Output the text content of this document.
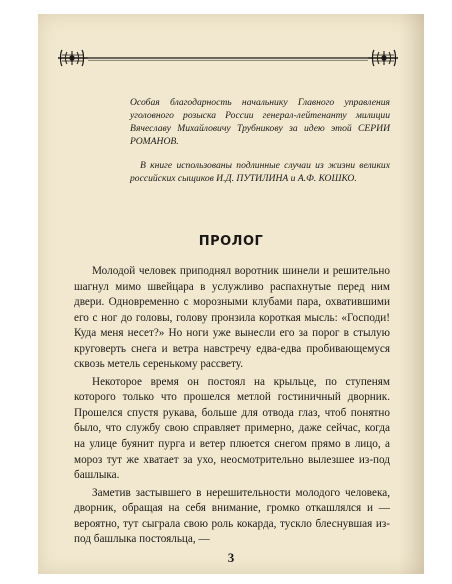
Особая благодарность начальнику Главного управления уголовного розыска России генерал-лейтенанту милиции Вячеславу Михайловичу Трубникову за идею этой СЕРИИ РОМАНОВ.

В книге использованы подлинные случаи из жизни великих российских сыщиков И.Д. ПУТИЛИНА и А.Ф. КОШКО.

ПРОЛОГ

Молодой человек приподнял воротник шинели и решительно шагнул мимо швейцара в услужливо распахнутые перед ним двери. Одновременно с морозными клубами пара, охватившими его с ног до головы, голову пронзила короткая мысль: «Господи! Куда меня несет?» Но ноги уже вынесли его за порог в стылую круговерть снега и ветра навстречу едва-едва пробивающемуся сквозь метель серенькому рассвету.

Некоторое время он постоял на крыльце, по ступеням которого только что прошелся метлой гостиничный дворник. Прошелся спустя рукава, больше для отвода глаз, чтоб понятно было, что службу свою справляет примерно, даже сейчас, когда на улице буянит пурга и ветер плюется снегом прямо в лицо, а мороз тут же хватает за ухо, неосмотрительно вылезшее из-под башлыка.

Заметив застывшего в нерешительности молодого человека, дворник, обращая на себя внимание, громко откашлялся и — вероятно, тут сыграла свою роль кокарда, тускло блеснувшая из-под башлыка постояльца, —

3
